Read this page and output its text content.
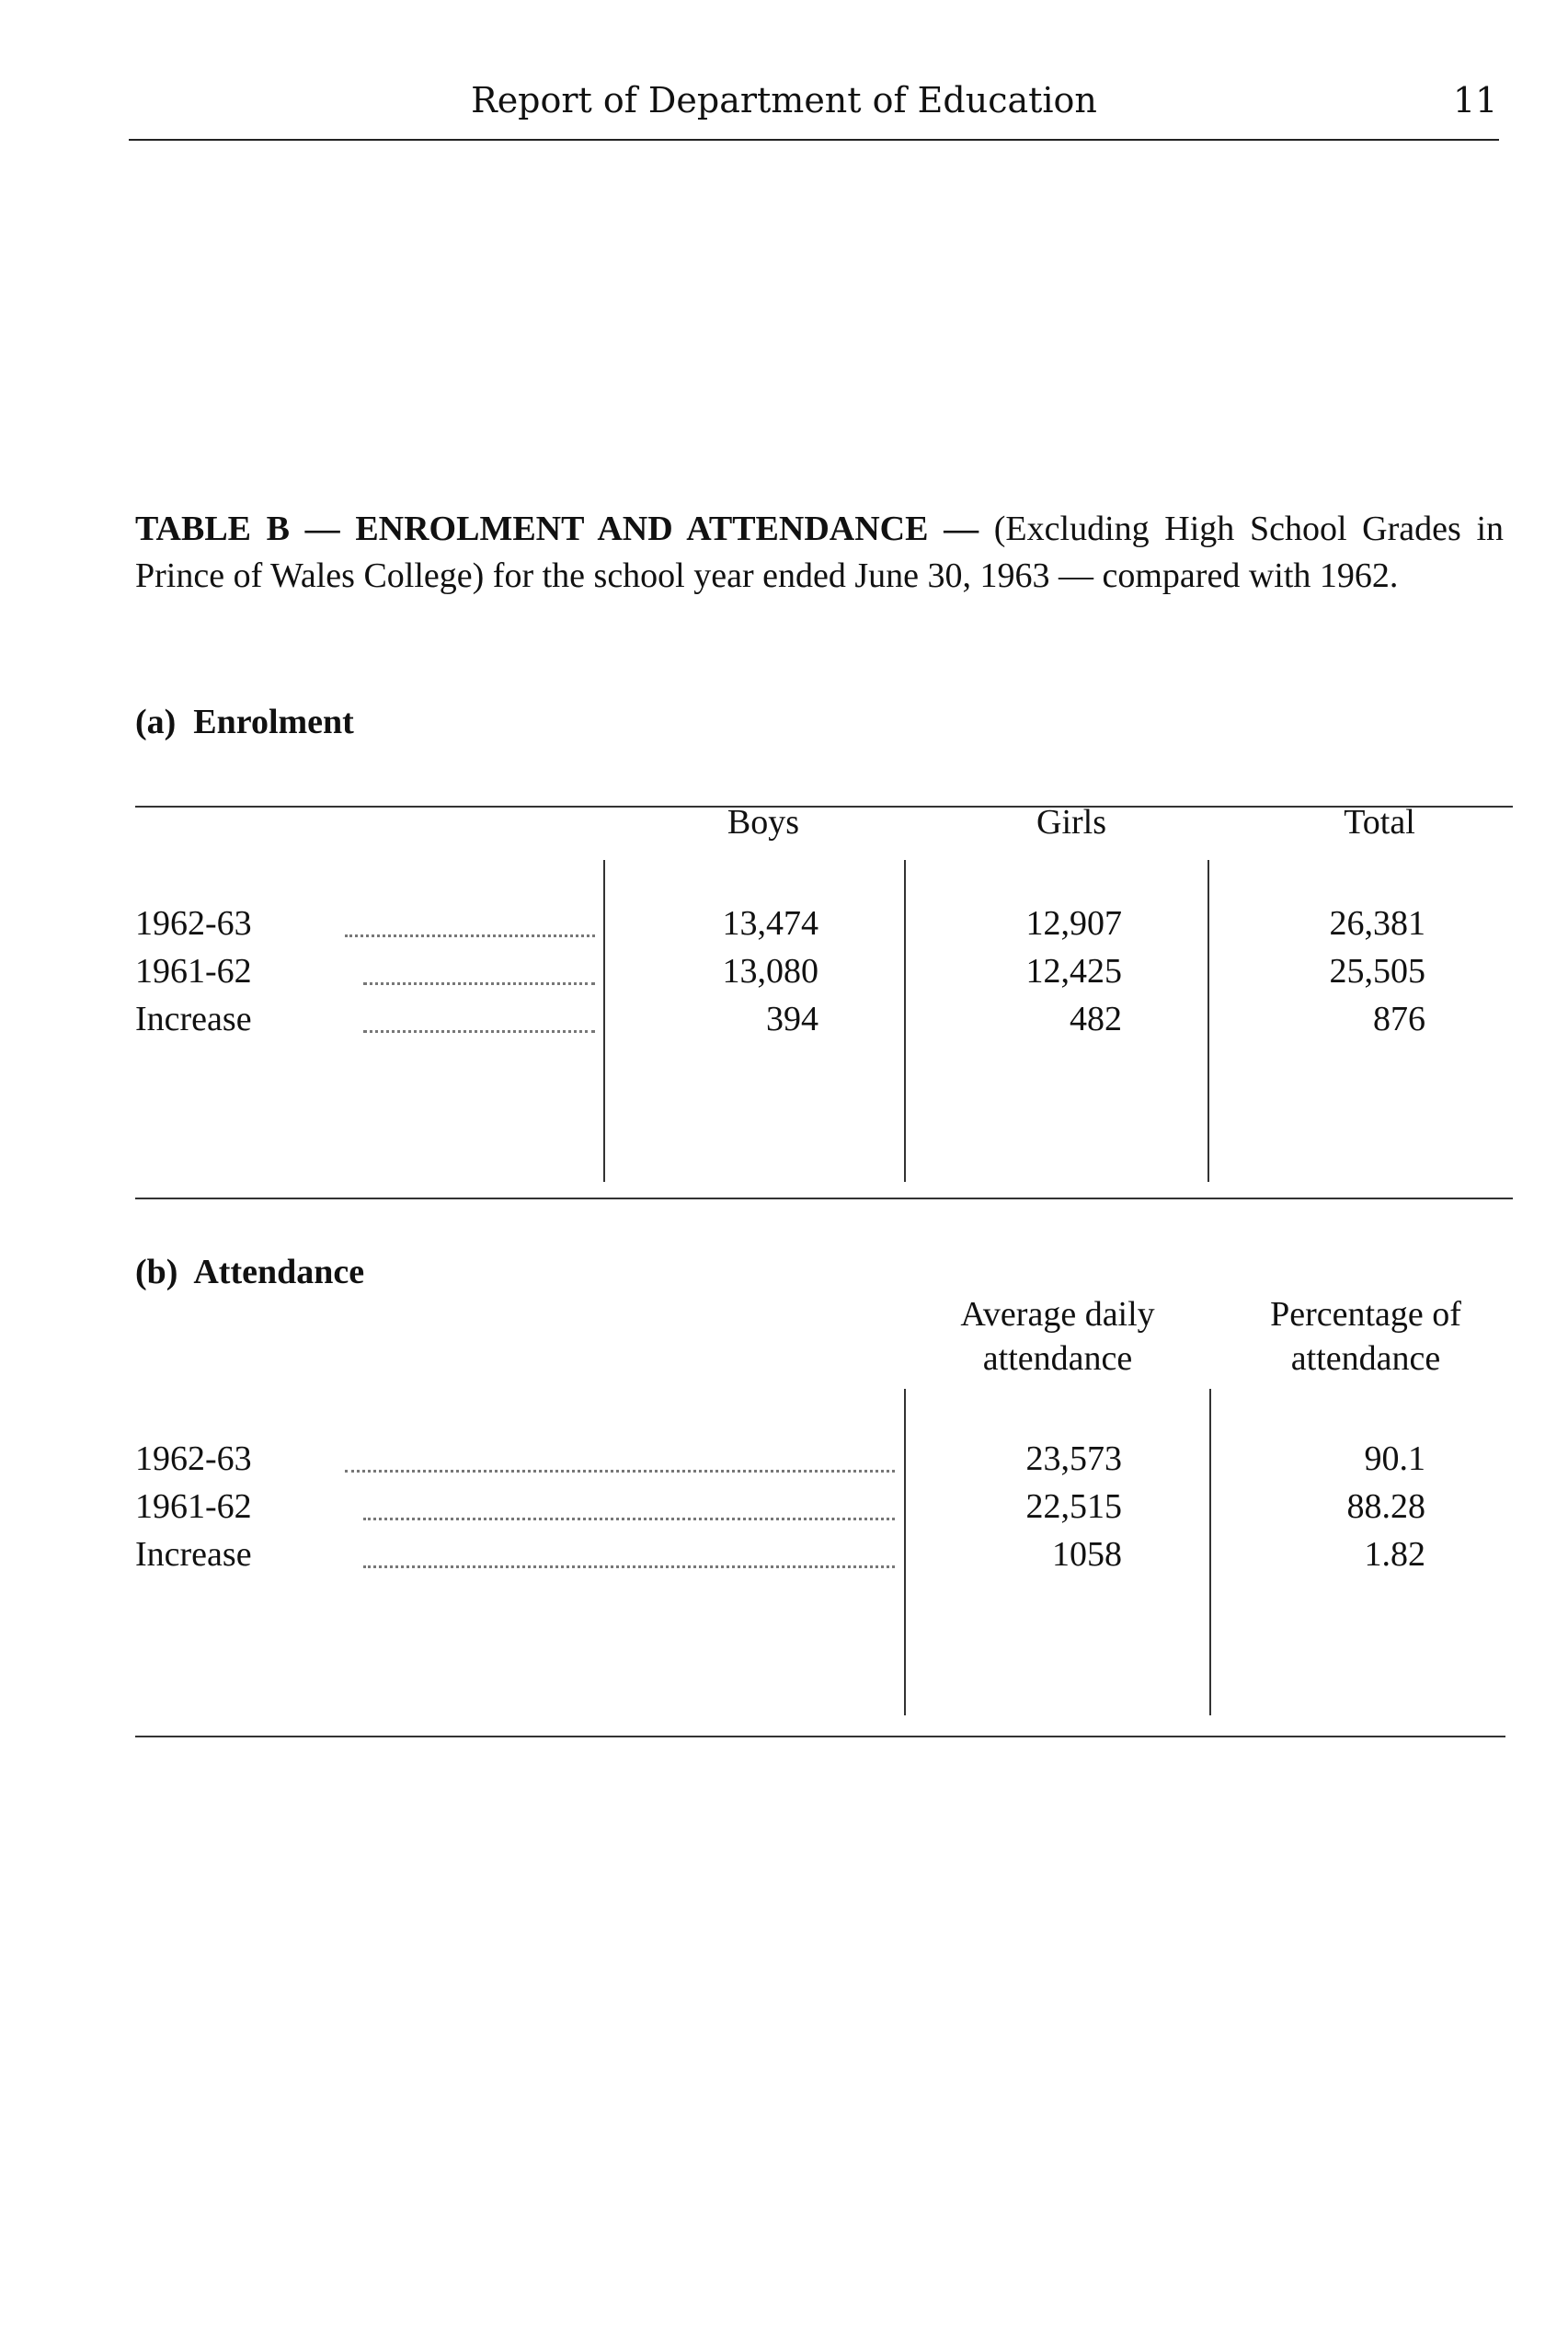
Report of Department of Education	11
TABLE B — ENROLMENT AND ATTENDANCE — (Excluding High School Grades in Prince of Wales College) for the school year ended June 30, 1963 — compared with 1962.
(a)  Enrolment
Boys	Girls	Total
1962-63	13,474	12,907	26,381
1961-62	13,080	12,425	25,505
Increase	394	482	876
(b)  Attendance
Average daily
attendance
Percentage of
attendance
1962-63	23,573	90.1
1961-62	22,515	88.28
Increase	1058	1.82
